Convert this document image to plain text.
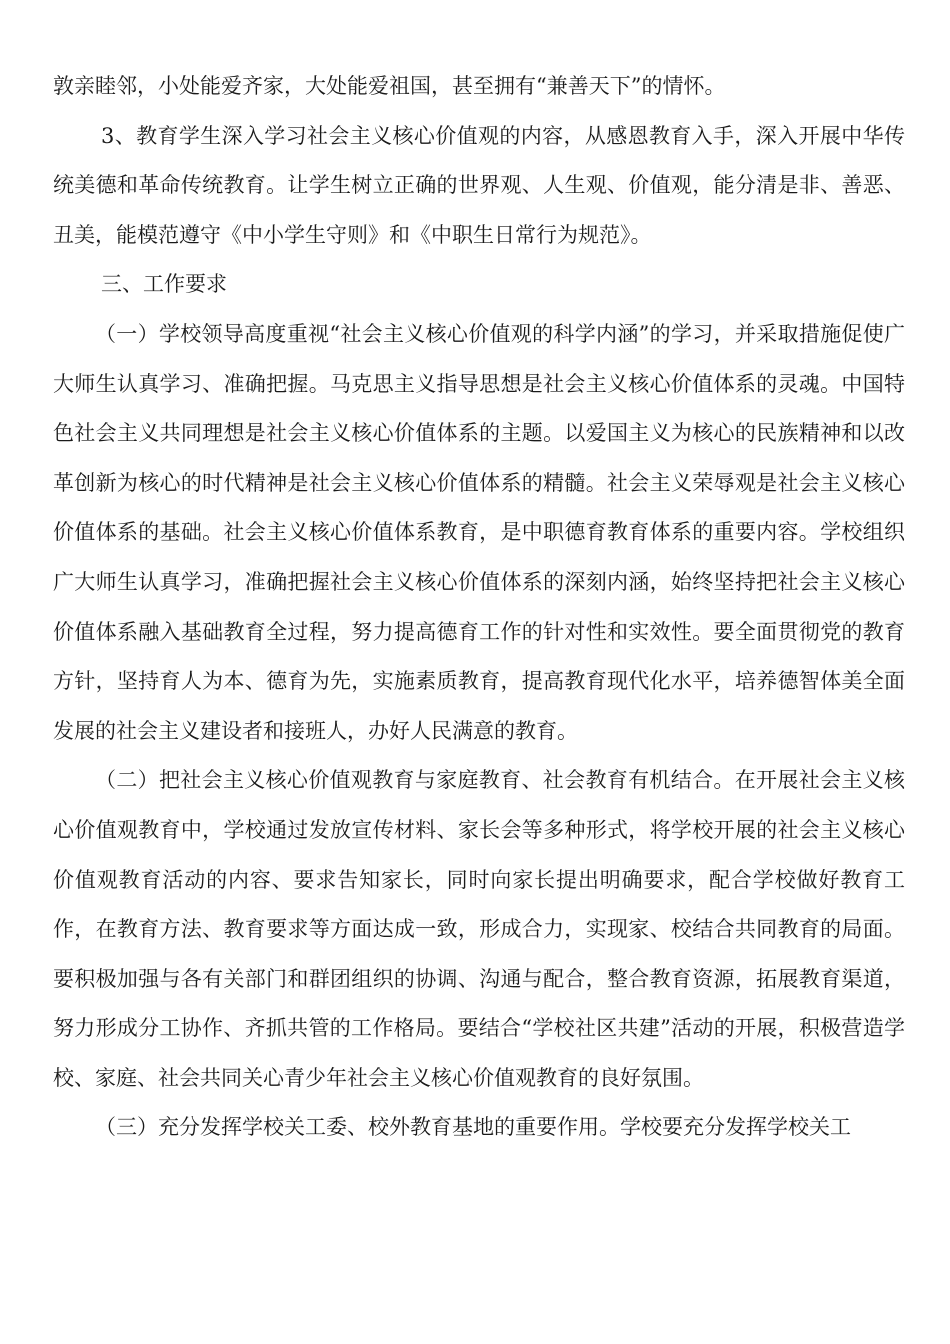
敦亲睦邻，小处能爱齐家，大处能爱祖国，甚至拥有“兼善天下”的情怀。

3、教育学生深入学习社会主义核心价值观的内容，从感恩教育入手，深入开展中华传统美德和革命传统教育。让学生树立正确的世界观、人生观、价值观，能分清是非、善恶、丑美，能模范遵守《中小学生守则》和《中职生日常行为规范》。

三、工作要求

（一）学校领导高度重视“社会主义核心价值观的科学内涵”的学习，并采取措施促使广大师生认真学习、准确把握。马克思主义指导思想是社会主义核心价值体系的灵魂。中国特色社会主义共同理想是社会主义核心价值体系的主题。以爱国主义为核心的民族精神和以改革创新为核心的时代精神是社会主义核心价值体系的精髓。社会主义荣辱观是社会主义核心价值体系的基础。社会主义核心价值体系教育，是中职德育教育体系的重要内容。学校组织广大师生认真学习，准确把握社会主义核心价值体系的深刻内涵，始终坚持把社会主义核心价值体系融入基础教育全过程，努力提高德育工作的针对性和实效性。要全面贯彻党的教育方针，坚持育人为本、德育为先，实施素质教育，提高教育现代化水平，培养德智体美全面发展的社会主义建设者和接班人，办好人民满意的教育。

（二）把社会主义核心价值观教育与家庭教育、社会教育有机结合。在开展社会主义核心价值观教育中，学校通过发放宣传材料、家长会等多种形式，将学校开展的社会主义核心价值观教育活动的内容、要求告知家长，同时向家长提出明确要求，配合学校做好教育工作，在教育方法、教育要求等方面达成一致，形成合力，实现家、校结合共同教育的局面。要积极加强与各有关部门和群团组织的协调、沟通与配合，整合教育资源，拓展教育渠道，努力形成分工协作、齐抓共管的工作格局。要结合“学校社区共建”活动的开展，积极营造学校、家庭、社会共同关心青少年社会主义核心价值观教育的良好氛围。

（三）充分发挥学校关工委、校外教育基地的重要作用。学校要充分发挥学校关工
